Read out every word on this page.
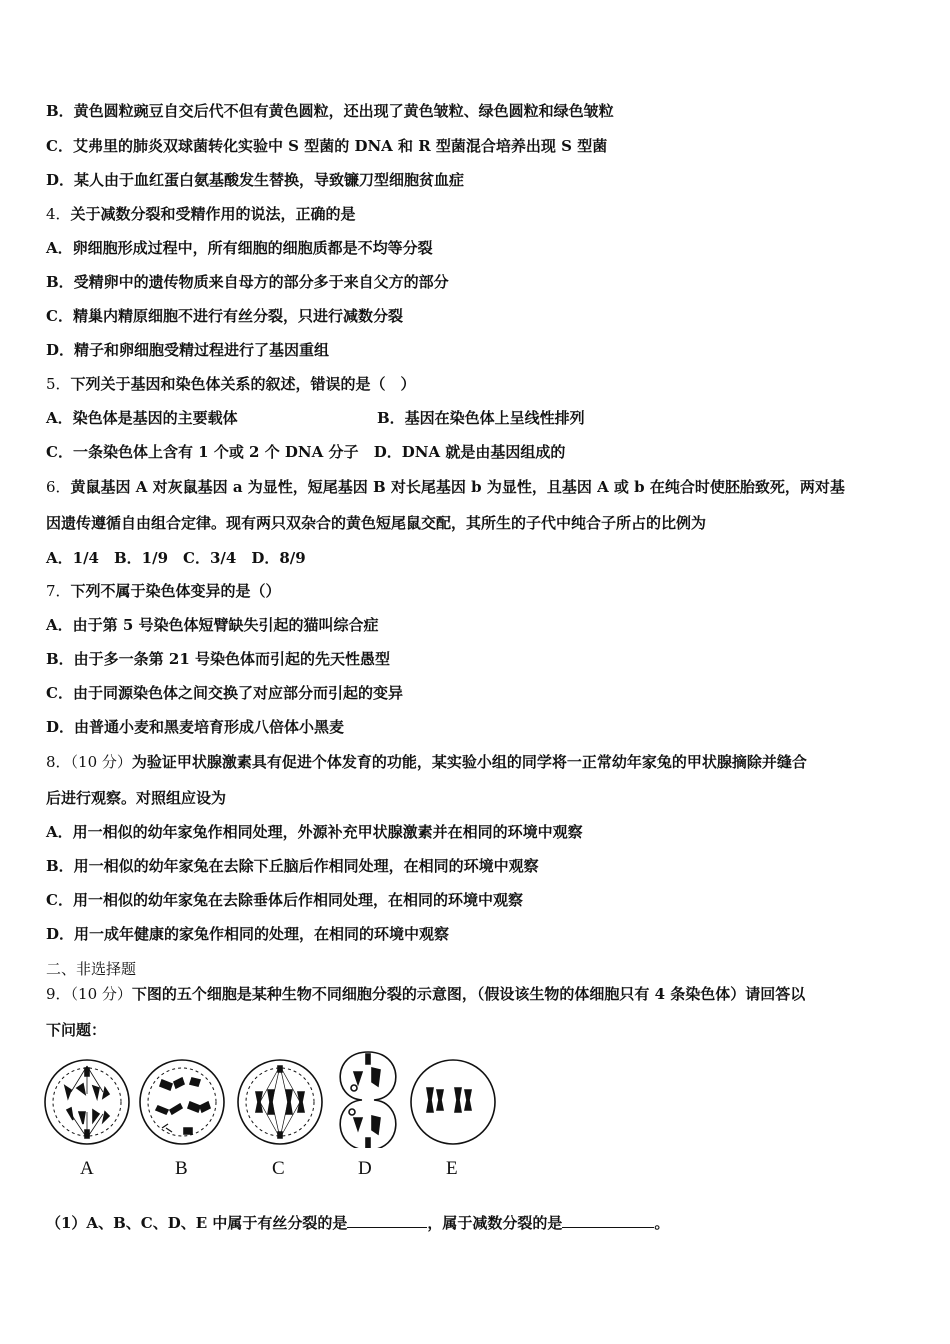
B．黄色圆粒豌豆自交后代不但有黄色圆粒，还出现了黄色皱粒、绿色圆粒和绿色皱粒
C．艾弗里的肺炎双球菌转化实验中 S 型菌的 DNA 和 R 型菌混合培养出现 S 型菌
D．某人由于血红蛋白氨基酸发生替换，导致镰刀型细胞贫血症
4．关于减数分裂和受精作用的说法，正确的是
A．卵细胞形成过程中，所有细胞的细胞质都是不均等分裂
B．受精卵中的遗传物质来自母方的部分多于来自父方的部分
C．精巢内精原细胞不进行有丝分裂，只进行减数分裂
D．精子和卵细胞受精过程进行了基因重组
5．下列关于基因和染色体关系的叙述，错误的是（　）
A．染色体是基因的主要载体	B．基因在染色体上呈线性排列
C．一条染色体上含有 1 个或 2 个 DNA 分子 D．DNA 就是由基因组成的
6．黄鼠基因 A 对灰鼠基因 a 为显性，短尾基因 B 对长尾基因 b 为显性，且基因 A 或 b 在纯合时使胚胎致死，两对基
因遗传遵循自由组合定律。现有两只双杂合的黄色短尾鼠交配，其所生的子代中纯合子所占的比例为
A．1/4　B．1/9　C．3/4　D．8/9
7．下列不属于染色体变异的是（）
A．由于第 5 号染色体短臂缺失引起的猫叫综合症
B．由于多一条第 21 号染色体而引起的先天性愚型
C．由于同源染色体之间交换了对应部分而引起的变异
D．由普通小麦和黑麦培育形成八倍体小黑麦
8．（10 分）为验证甲状腺激素具有促进个体发育的功能，某实验小组的同学将一正常幼年家兔的甲状腺摘除并缝合
后进行观察。对照组应设为
A．用一相似的幼年家兔作相同处理，外源补充甲状腺激素并在相同的环境中观察
B．用一相似的幼年家兔在去除下丘脑后作相同处理，在相同的环境中观察
C．用一相似的幼年家兔在去除垂体后作相同处理，在相同的环境中观察
D．用一成年健康的家兔作相同的处理，在相同的环境中观察
二、非选择题
9．（10 分）下图的五个细胞是某种生物不同细胞分裂的示意图，（假设该生物的体细胞只有 4 条染色体）请回答以
下问题：
A	B	C	D	E
（1）A、B、C、D、E 中属于有丝分裂的是	，属于减数分裂的是	。
